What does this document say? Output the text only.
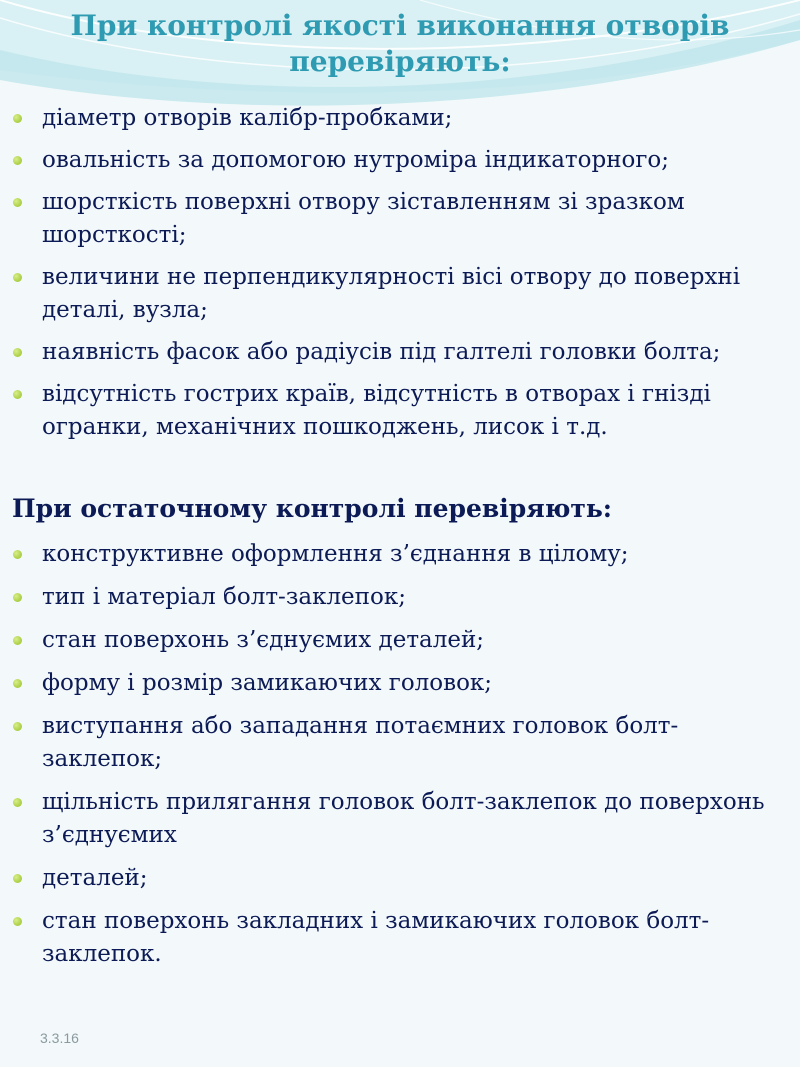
При контролі якості виконання отворів
перевіряють:
діаметр отворів калібр-пробками;
овальність за допомогою нутроміра індикаторного;
шорсткість поверхні отвору зіставленням зі зразком шорсткості;
величини не перпендикулярності вісі отвору до поверхні деталі, вузла;
наявність фасок або радіусів під галтелі головки болта;
відсутність гострих країв, відсутність в отворах і гнізді огранки, механічних пошкоджень, лисок і т.д.
При остаточному контролі перевіряють:
конструктивне оформлення з’єднання в цілому;
тип і матеріал болт-заклепок;
стан поверхонь з’єднуємих деталей;
форму і розмір замикаючих головок;
виступання або западання потаємних головок болт-заклепок;
щільність прилягання головок болт-заклепок до поверхонь з’єднуємих
деталей;
стан поверхонь закладних і замикаючих головок болт-заклепок.
3.3.16
